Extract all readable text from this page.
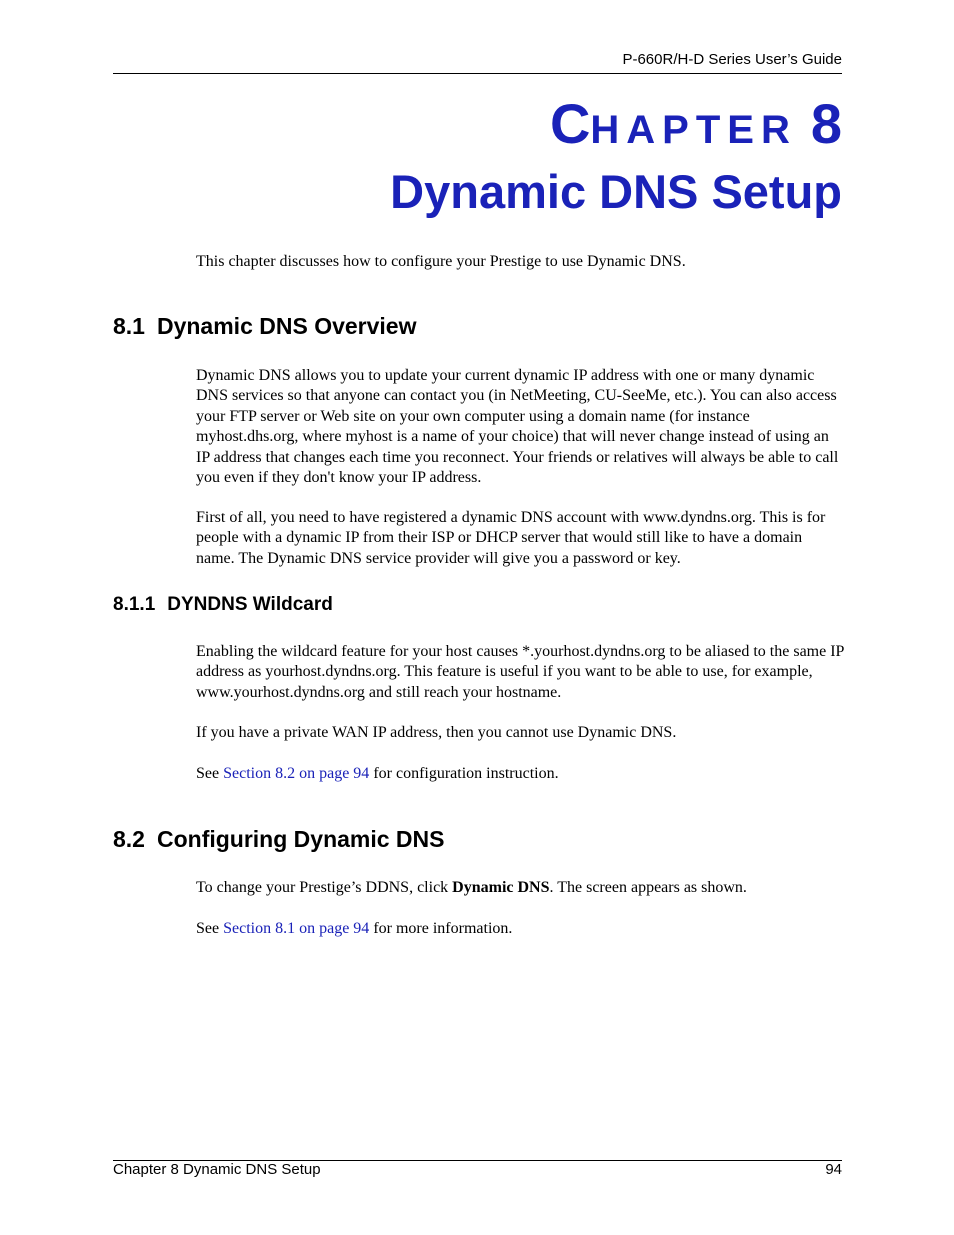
P-660R/H-D Series User’s Guide
CHAPTER 8
Dynamic DNS Setup

This chapter discusses how to configure your Prestige to use Dynamic DNS.

8.1 Dynamic DNS Overview

Dynamic DNS allows you to update your current dynamic IP address with one or many dynamic DNS services so that anyone can contact you (in NetMeeting, CU-SeeMe, etc.). You can also access your FTP server or Web site on your own computer using a domain name (for instance myhost.dhs.org, where myhost is a name of your choice) that will never change instead of using an IP address that changes each time you reconnect. Your friends or relatives will always be able to call you even if they don't know your IP address.

First of all, you need to have registered a dynamic DNS account with www.dyndns.org. This is for people with a dynamic IP from their ISP or DHCP server that would still like to have a domain name. The Dynamic DNS service provider will give you a password or key.

8.1.1 DYNDNS Wildcard

Enabling the wildcard feature for your host causes *.yourhost.dyndns.org to be aliased to the same IP address as yourhost.dyndns.org. This feature is useful if you want to be able to use, for example, www.yourhost.dyndns.org and still reach your hostname.

If you have a private WAN IP address, then you cannot use Dynamic DNS.

See Section 8.2 on page 94 for configuration instruction.

8.2 Configuring Dynamic DNS

To change your Prestige’s DDNS, click Dynamic DNS. The screen appears as shown.

See Section 8.1 on page 94 for more information.

Chapter 8 Dynamic DNS Setup	94
